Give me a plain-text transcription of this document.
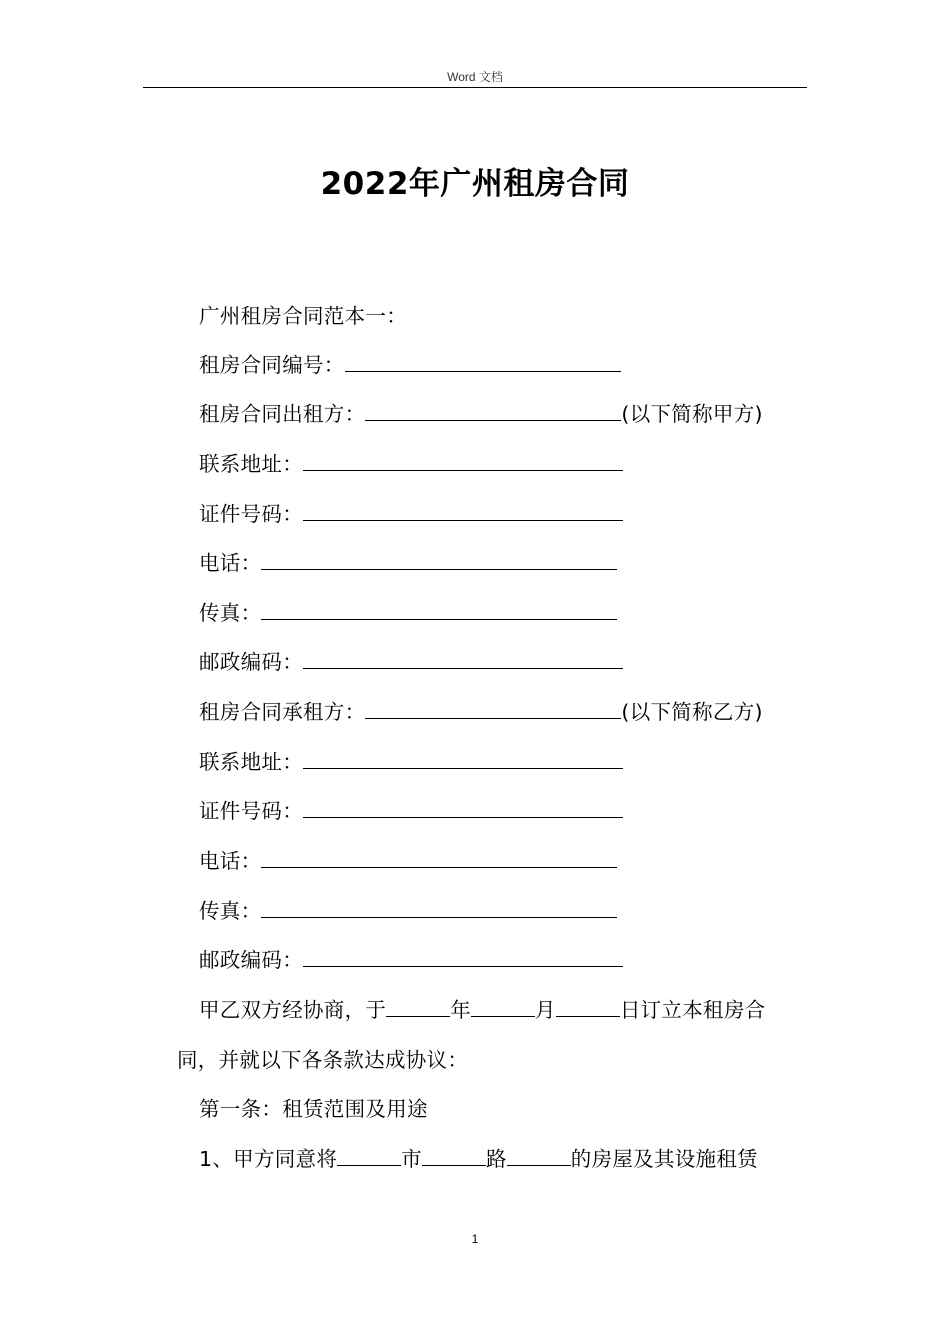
Word 文档
2022年广州租房合同
广州租房合同范本一：
租房合同编号：
租房合同出租方：	(以下简称甲方)
联系地址：
证件号码：
电话：
传真：
邮政编码：
租房合同承租方：	(以下简称乙方)
联系地址：
证件号码：
电话：
传真：
邮政编码：
甲乙双方经协商，于	年	月	日订立本租房合
同，并就以下各条款达成协议：
第一条：租赁范围及用途
1、甲方同意将	市	路	的房屋及其设施租赁
1
